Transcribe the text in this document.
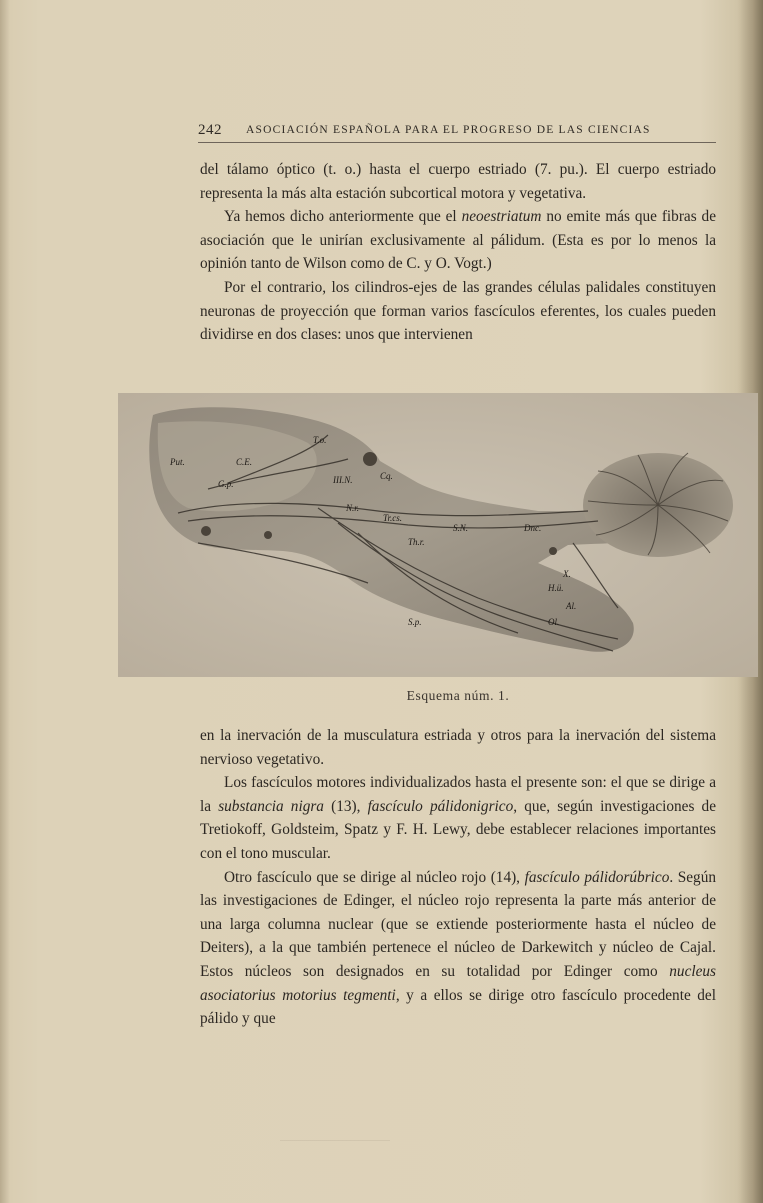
242 ASOCIACIÓN ESPAÑOLA PARA EL PROGRESO DE LAS CIENCIAS

del tálamo óptico (t. o.) hasta el cuerpo estriado (7. pu.). El cuerpo estriado representa la más alta estación subcortical motora y vegetativa.

Ya hemos dicho anteriormente que el neoestriatum no emite más que fibras de asociación que le unirían exclusivamente al pálidum. (Esta es por lo menos la opinión tanto de Wilson como de C. y O. Vogt.)

Por el contrario, los cilindros-ejes de las grandes células palidales constituyen neuronas de proyección que forman varios fascículos eferentes, los cuales pueden dividirse en dos clases: unos que intervienen

T.o.
Put.	C.E.
G.p.
Cq.
III.N.
N.r.
Th.r.
S.N.	Dnc.
Tr.cs.
H.ü.
Ol.
S.p.
X.
Al.
Esquema núm. 1.

en la inervación de la musculatura estriada y otros para la inervación del sistema nervioso vegetativo.

Los fascículos motores individualizados hasta el presente son: el que se dirige a la substancia nigra (13), fascículo pálidonigrico, que, según investigaciones de Tretiokoff, Goldsteim, Spatz y F. H. Lewy, debe establecer relaciones importantes con el tono muscular.

Otro fascículo que se dirige al núcleo rojo (14), fascículo pálidorúbrico. Según las investigaciones de Edinger, el núcleo rojo representa la parte más anterior de una larga columna nuclear (que se extiende posteriormente hasta el núcleo de Deiters), a la que también pertenece el núcleo de Darkewitch y núcleo de Cajal. Estos núcleos son designados en su totalidad por Edinger como nucleus asociatorius motorius tegmenti, y a ellos se dirige otro fascículo procedente del pálido y que
